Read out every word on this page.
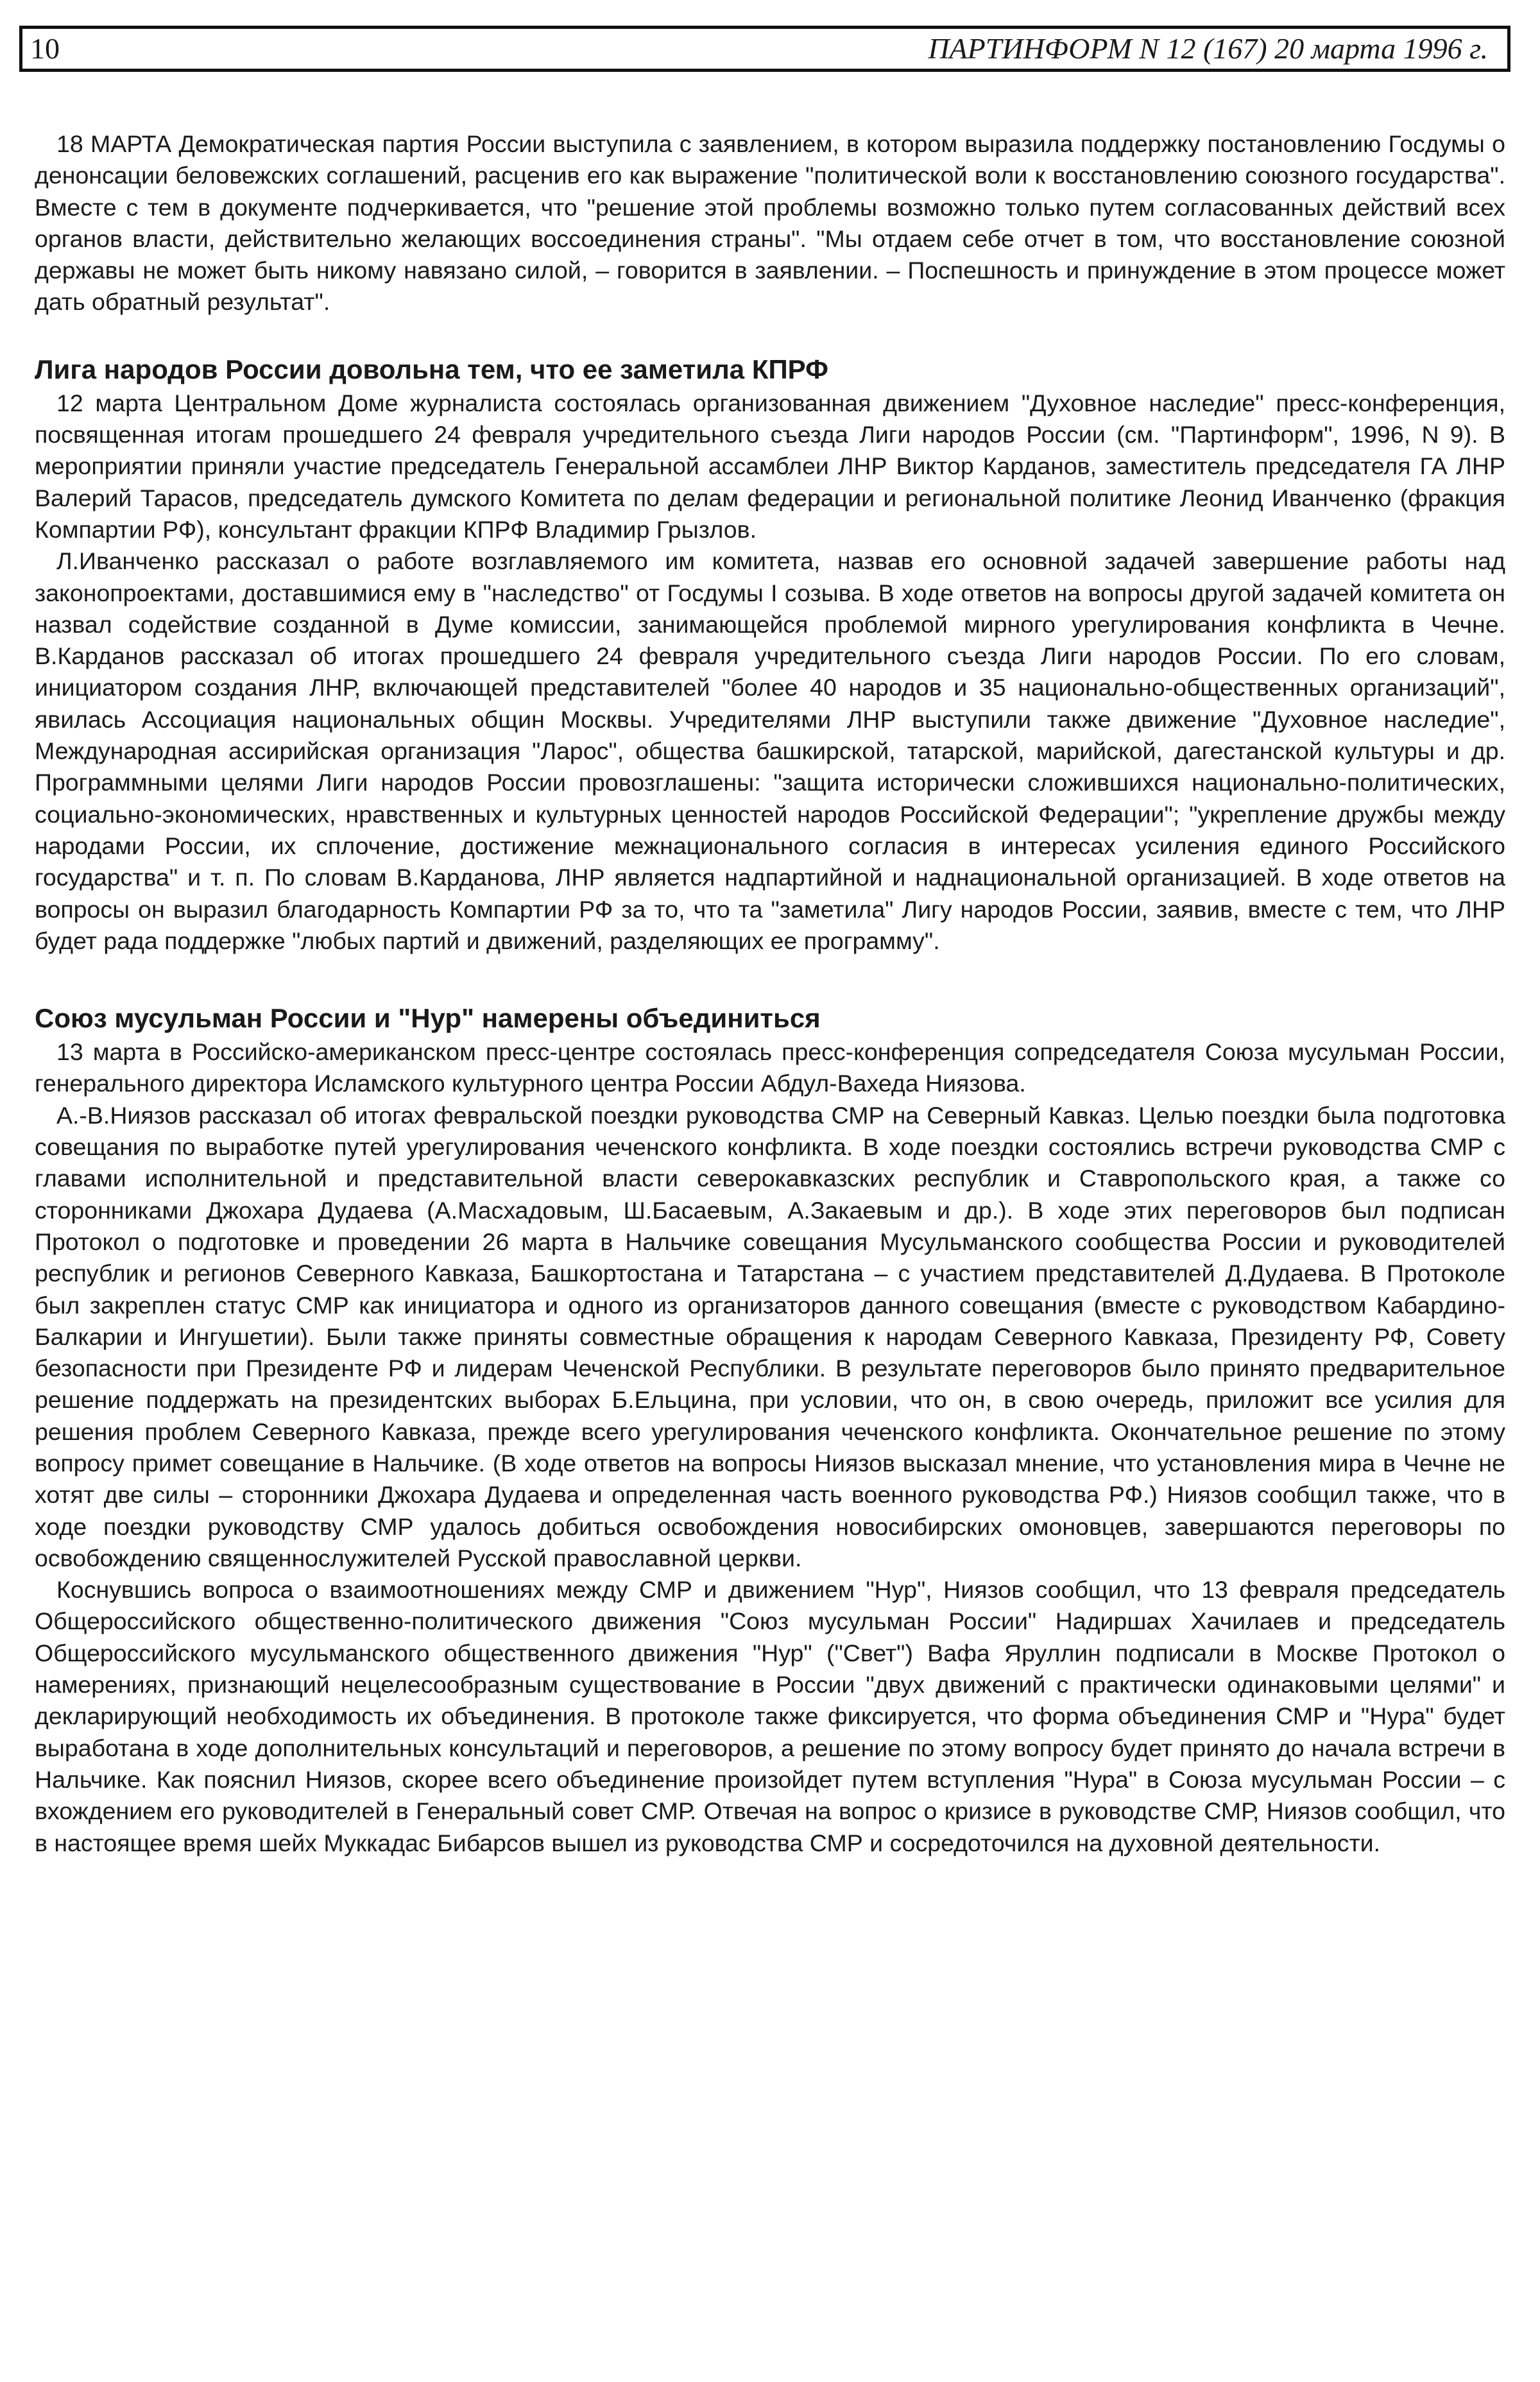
10	ПАРТИНФОРМ N 12 (167) 20 марта 1996 г.

18 МАРТА Демократическая партия России выступила с заявлением, в котором выразила поддержку постановлению Госдумы о денонсации беловежских соглашений, расценив его как выражение "политической воли к восстановлению союзного государства". Вместе с тем в документе подчеркивается, что "решение этой проблемы возможно только путем согласованных действий всех органов власти, действительно желающих воссоединения страны". "Мы отдаем себе отчет в том, что восстановление союзной державы не может быть никому навязано силой, – говорится в заявлении. – Поспешность и принуждение в этом процессе может дать обратный результат".

Лига народов России довольна тем, что ее заметила КПРФ

12 марта Центральном Доме журналиста состоялась организованная движением "Духовное наследие" пресс-конференция, посвященная итогам прошедшего 24 февраля учредительного съезда Лиги народов России (см. "Партинформ", 1996, N 9). В мероприятии приняли участие председатель Генеральной ассамблеи ЛНР Виктор Карданов, заместитель председателя ГА ЛНР Валерий Тарасов, председатель думского Комитета по делам федерации и региональной политике Леонид Иванченко (фракция Компартии РФ), консультант фракции КПРФ Владимир Грызлов.

Л.Иванченко рассказал о работе возглавляемого им комитета, назвав его основной задачей завершение работы над законопроектами, доставшимися ему в "наследство" от Госдумы I созыва. В ходе ответов на вопросы другой задачей комитета он назвал содействие созданной в Думе комиссии, занимающейся проблемой мирного урегулирования конфликта в Чечне. В.Карданов рассказал об итогах прошедшего 24 февраля учредительного съезда Лиги народов России. По его словам, инициатором создания ЛНР, включающей представителей "более 40 народов и 35 национально-общественных организаций", явилась Ассоциация национальных общин Москвы. Учредителями ЛНР выступили также движение "Духовное наследие", Международная ассирийская организация "Ларос", общества башкирской, татарской, марийской, дагестанской культуры и др. Программными целями Лиги народов России провозглашены: "защита исторически сложившихся национально-политических, социально-экономических, нравственных и культурных ценностей народов Российской Федерации"; "укрепление дружбы между народами России, их сплочение, достижение межнационального согласия в интересах усиления единого Российского государства" и т. п. По словам В.Карданова, ЛНР является надпартийной и наднациональной организацией. В ходе ответов на вопросы он выразил благодарность Компартии РФ за то, что та "заметила" Лигу народов России, заявив, вместе с тем, что ЛНР будет рада поддержке "любых партий и движений, разделяющих ее программу".

Союз мусульман России и "Нур" намерены объединиться

13 марта в Российско-американском пресс-центре состоялась пресс-конференция сопредседателя Союза мусульман России, генерального директора Исламского культурного центра России Абдул-Вахеда Ниязова.

А.-В.Ниязов рассказал об итогах февральской поездки руководства СМР на Северный Кавказ. Целью поездки была подготовка совещания по выработке путей урегулирования чеченского конфликта. В ходе поездки состоялись встречи руководства СМР с главами исполнительной и представительной власти северокавказских республик и Ставропольского края, а также со сторонниками Джохара Дудаева (А.Масхадовым, Ш.Басаевым, А.Закаевым и др.). В ходе этих переговоров был подписан Протокол о подготовке и проведении 26 марта в Нальчике совещания Мусульманского сообщества России и руководителей республик и регионов Северного Кавказа, Башкортостана и Татарстана – с участием представителей Д.Дудаева. В Протоколе был закреплен статус СМР как инициатора и одного из организаторов данного совещания (вместе с руководством Кабардино-Балкарии и Ингушетии). Были также приняты совместные обращения к народам Северного Кавказа, Президенту РФ, Совету безопасности при Президенте РФ и лидерам Чеченской Республики. В результате переговоров было принято предварительное решение поддержать на президентских выборах Б.Ельцина, при условии, что он, в свою очередь, приложит все усилия для решения проблем Северного Кавказа, прежде всего урегулирования чеченского конфликта. Окончательное решение по этому вопросу примет совещание в Нальчике. (В ходе ответов на вопросы Ниязов высказал мнение, что установления мира в Чечне не хотят две силы – сторонники Джохара Дудаева и определенная часть военного руководства РФ.) Ниязов сообщил также, что в ходе поездки руководству СМР удалось добиться освобождения новосибирских омоновцев, завершаются переговоры по освобождению священнослужителей Русской православной церкви.

Коснувшись вопроса о взаимоотношениях между СМР и движением "Нур", Ниязов сообщил, что 13 февраля председатель Общероссийского общественно-политического движения "Союз мусульман России" Надиршах Хачилаев и председатель Общероссийского мусульманского общественного движения "Нур" ("Свет") Вафа Яруллин подписали в Москве Протокол о намерениях, признающий нецелесообразным существование в России "двух движений с практически одинаковыми целями" и декларирующий необходимость их объединения. В протоколе также фиксируется, что форма объединения СМР и "Нура" будет выработана в ходе дополнительных консультаций и переговоров, а решение по этому вопросу будет принято до начала встречи в Нальчике. Как пояснил Ниязов, скорее всего объединение произойдет путем вступления "Нура" в Союза мусульман России – с вхождением его руководителей в Генеральный совет СМР. Отвечая на вопрос о кризисе в руководстве СМР, Ниязов сообщил, что в настоящее время шейх Муккадас Бибарсов вышел из руководства СМР и сосредоточился на духовной деятельности.
